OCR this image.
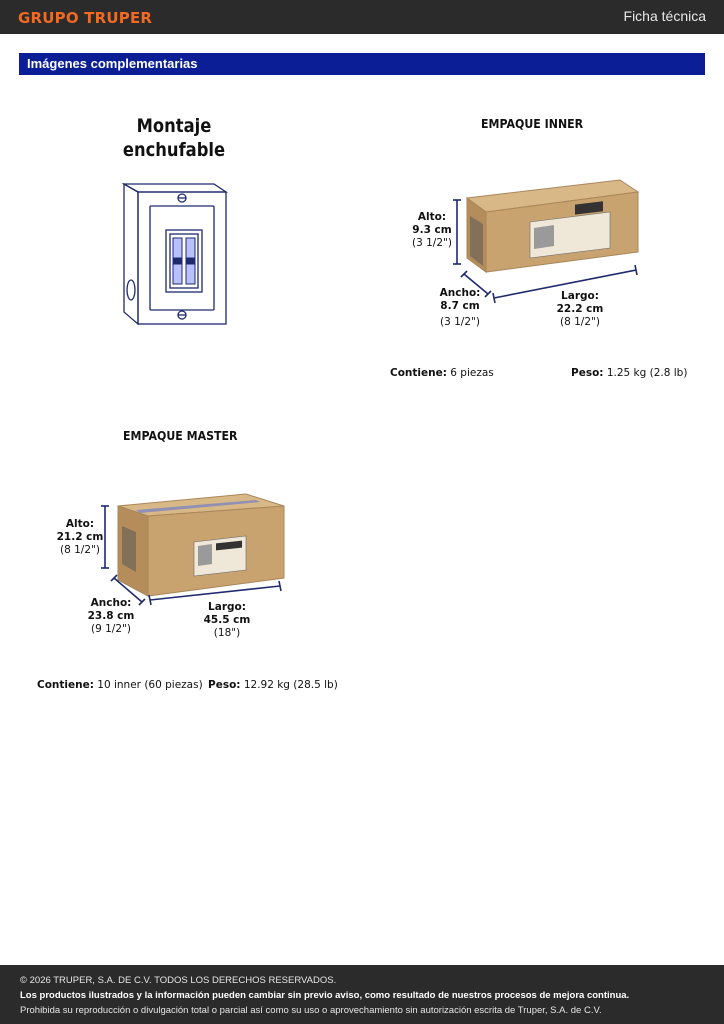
GRUPO TRUPER	Ficha técnica
Imágenes complementarias
Montaje
enchufable
EMPAQUE INNER
Alto:
9.3 cm
(3 1/2")
Ancho:
8.7 cm
(3 1/2")
Largo:
22.2 cm
(8 1/2")
Contiene: 6 piezas	Peso: 1.25 kg (2.8 lb)
EMPAQUE MASTER
Alto:
21.2 cm
(8 1/2")
Ancho:
23.8 cm
(9 1/2")
Largo:
45.5 cm
(18")
Contiene: 10 inner (60 piezas) Peso: 12.92 kg (28.5 lb)
© 2026 TRUPER, S.A. DE C.V. TODOS LOS DERECHOS RESERVADOS.
Los productos ilustrados y la información pueden cambiar sin previo aviso, como resultado de nuestros procesos de mejora continua.
Prohibida su reproducción o divulgación total o parcial así como su uso o aprovechamiento sin autorización escrita de Truper, S.A. de C.V.
